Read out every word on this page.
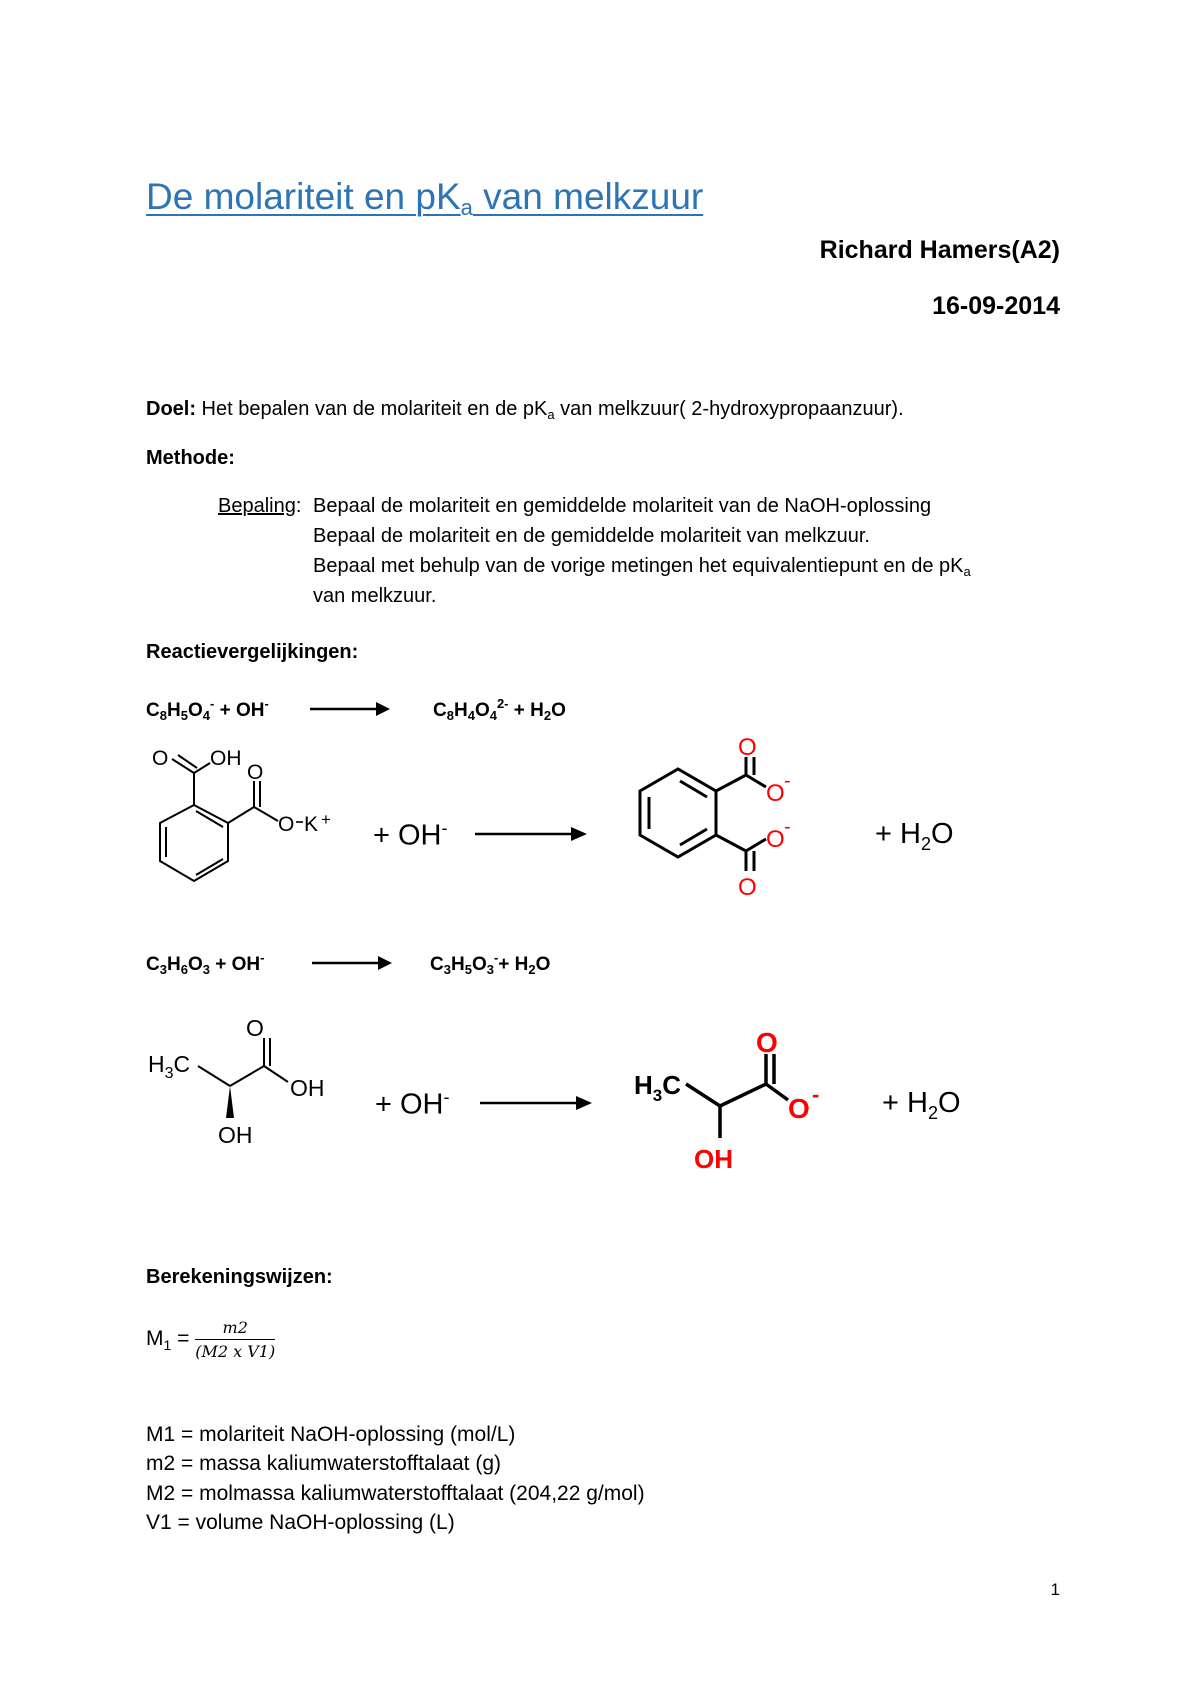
De molariteit en $pK_a$ van melkzuur
Richard Hamers(A2)
16-09-2014
Doel: Het bepalen van de molariteit en de $pK_a$ van melkzuur( 2-hydroxypropaanzuur).
Methode:
Bepaling: Bepaal de molariteit en gemiddelde molariteit van de NaOH-oplossing
Bepaal de molariteit en de gemiddelde molariteit van melkzuur.
Bepaal met behulp van de vorige metingen het equivalentiepunt en de $pK_a$
van melkzuur.
Reactievergelijkingen:
$C_8H_5O_4^- + OH^-$	$C_8H_4O_4^{2-} + H_2O$
O OH
O
O K +
+ OH-
O
O -
O -
O
+ $H_2O$
$C_3H_6O_3 + OH^-$	$C_3H_5O_3^-+ H_2O$
O
$H_3C$
OH
OH
+ OH-	$H_3C$
O
O -
OH
+ $H_2O$
Berekeningswijzen:
$M_1 = \frac{m2}{\text{(M2 x V1)}}$
M1 = molariteit NaOH-oplossing (mol/L)
m2 = massa kaliumwaterstofftalaat (g)
M2 = molmassa kaliumwaterstofftalaat (204,22 g/mol)
V1 = volume NaOH-oplossing (L)
1
